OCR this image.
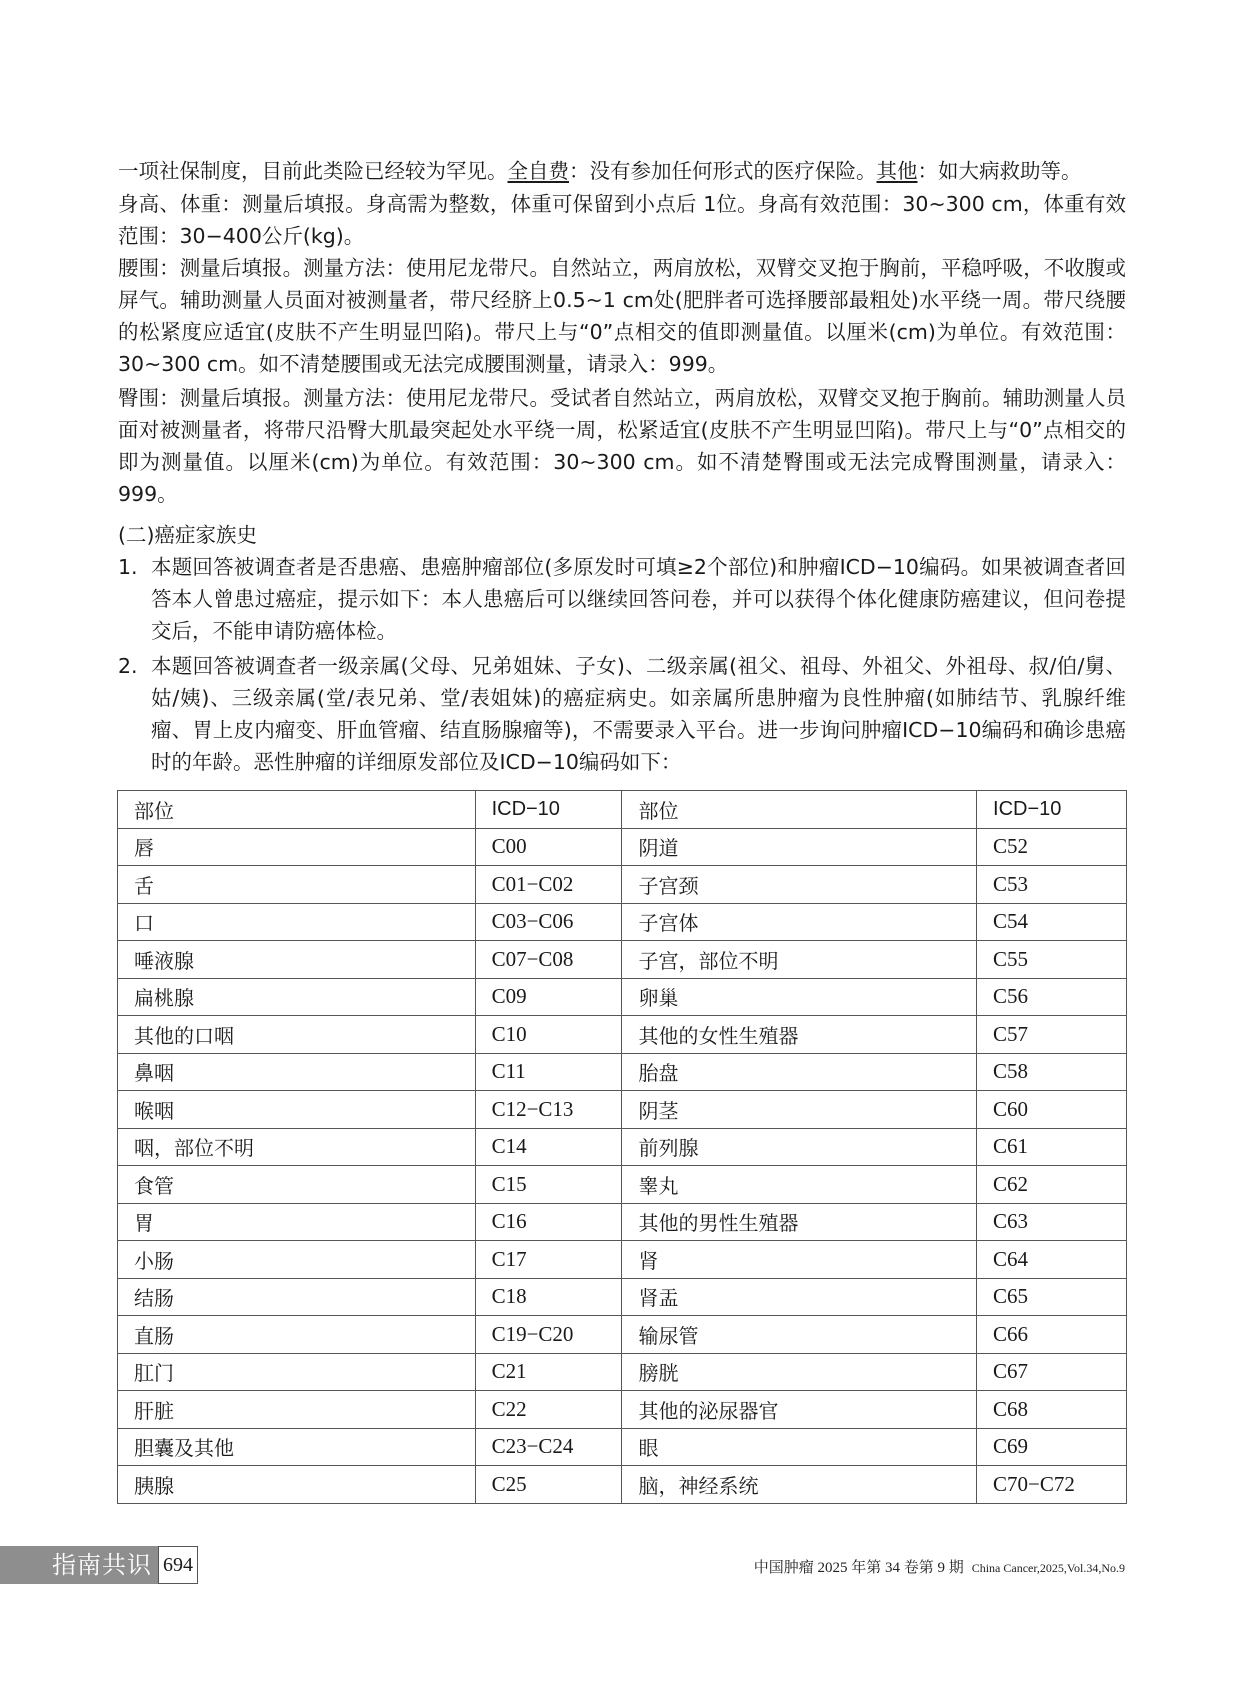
一项社保制度，目前此类险已经较为罕见。全自费：没有参加任何形式的医疗保险。其他：如大病救助等。

身高、体重：测量后填报。身高需为整数，体重可保留到小点后 1位。身高有效范围：30~300 cm，体重有效范围：30−400公斤(kg)。

腰围：测量后填报。测量方法：使用尼龙带尺。自然站立，两肩放松，双臂交叉抱于胸前，平稳呼吸，不收腹或屏气。辅助测量人员面对被测量者，带尺经脐上0.5~1 cm处(肥胖者可选择腰部最粗处)水平绕一周。带尺绕腰的松紧度应适宜(皮肤不产生明显凹陷)。带尺上与“0”点相交的值即测量值。以厘米(cm)为单位。有效范围：30~300 cm。如不清楚腰围或无法完成腰围测量，请录入：999。

臀围：测量后填报。测量方法：使用尼龙带尺。受试者自然站立，两肩放松，双臂交叉抱于胸前。辅助测量人员面对被测量者，将带尺沿臀大肌最突起处水平绕一周，松紧适宜(皮肤不产生明显凹陷)。带尺上与“0”点相交的即为测量值。以厘米(cm)为单位。有效范围：30~300 cm。如不清楚臀围或无法完成臀围测量，请录入：999。

(二)癌症家族史
1. 本题回答被调查者是否患癌、患癌肿瘤部位(多原发时可填≥2个部位)和肿瘤ICD−10编码。如果被调查者回答本人曾患过癌症，提示如下：本人患癌后可以继续回答问卷，并可以获得个体化健康防癌建议，但问卷提交后，不能申请防癌体检。
2. 本题回答被调查者一级亲属(父母、兄弟姐妹、子女)、二级亲属(祖父、祖母、外祖父、外祖母、叔/伯/舅、姑/姨)、三级亲属(堂/表兄弟、堂/表姐妹)的癌症病史。如亲属所患肿瘤为良性肿瘤(如肺结节、乳腺纤维瘤、胃上皮内瘤变、肝血管瘤、结直肠腺瘤等)，不需要录入平台。进一步询问肿瘤ICD−10编码和确诊患癌时的年龄。恶性肿瘤的详细原发部位及ICD−10编码如下：
部位	ICD−10	部位	ICD−10
唇	C00	阴道	C52
舌	C01−C02	子宫颈	C53
口	C03−C06	子宫体	C54
唾液腺	C07−C08	子宫，部位不明	C55
扁桃腺	C09	卵巢	C56
其他的口咽	C10	其他的女性生殖器	C57
鼻咽	C11	胎盘	C58
喉咽	C12−C13	阴茎	C60
咽，部位不明	C14	前列腺	C61
食管	C15	睾丸	C62
胃	C16	其他的男性生殖器	C63
小肠	C17	肾	C64
结肠	C18	肾盂	C65
直肠	C19−C20	输尿管	C66
肛门	C21	膀胱	C67
肝脏	C22	其他的泌尿器官	C68
胆囊及其他	C23−C24	眼	C69
胰腺	C25	脑，神经系统	C70−C72
指南共识 694	中国肿瘤 2025 年第 34 卷第 9 期 China Cancer,2025,Vol.34,No.9
